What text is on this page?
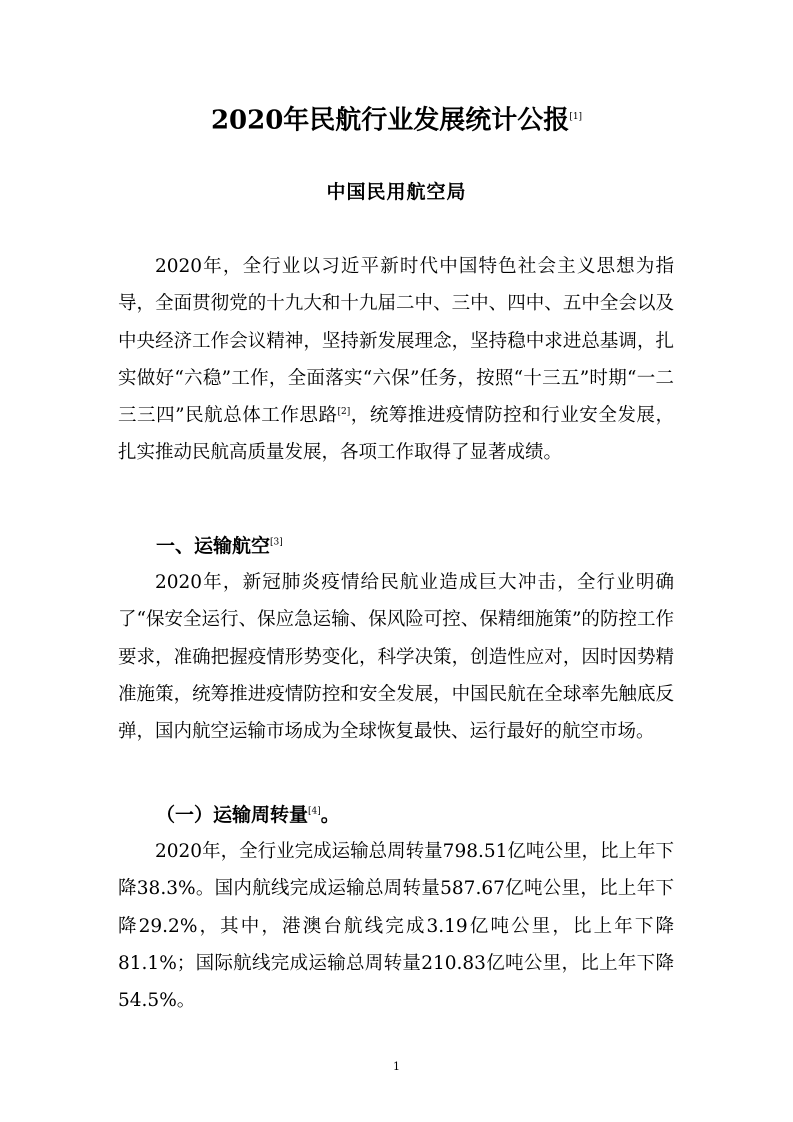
2020年民航行业发展统计公报[1]
中国民用航空局

2020年，全行业以习近平新时代中国特色社会主义思想为指导，全面贯彻党的十九大和十九届二中、三中、四中、五中全会以及中央经济工作会议精神，坚持新发展理念，坚持稳中求进总基调，扎实做好“六稳”工作，全面落实“六保”任务，按照“十三五”时期“一二三三四”民航总体工作思路[2]，统筹推进疫情防控和行业安全发展，扎实推动民航高质量发展，各项工作取得了显著成绩。

一、运输航空[3]

2020年，新冠肺炎疫情给民航业造成巨大冲击，全行业明确了“保安全运行、保应急运输、保风险可控、保精细施策”的防控工作要求，准确把握疫情形势变化，科学决策，创造性应对，因时因势精准施策，统筹推进疫情防控和安全发展，中国民航在全球率先触底反弹，国内航空运输市场成为全球恢复最快、运行最好的航空市场。

（一）运输周转量[4]。

2020年，全行业完成运输总周转量798.51亿吨公里，比上年下降38.3%。国内航线完成运输总周转量587.67亿吨公里，比上年下降29.2%，其中，港澳台航线完成3.19亿吨公里，比上年下降81.1%；国际航线完成运输总周转量210.83亿吨公里，比上年下降54.5%。

1
